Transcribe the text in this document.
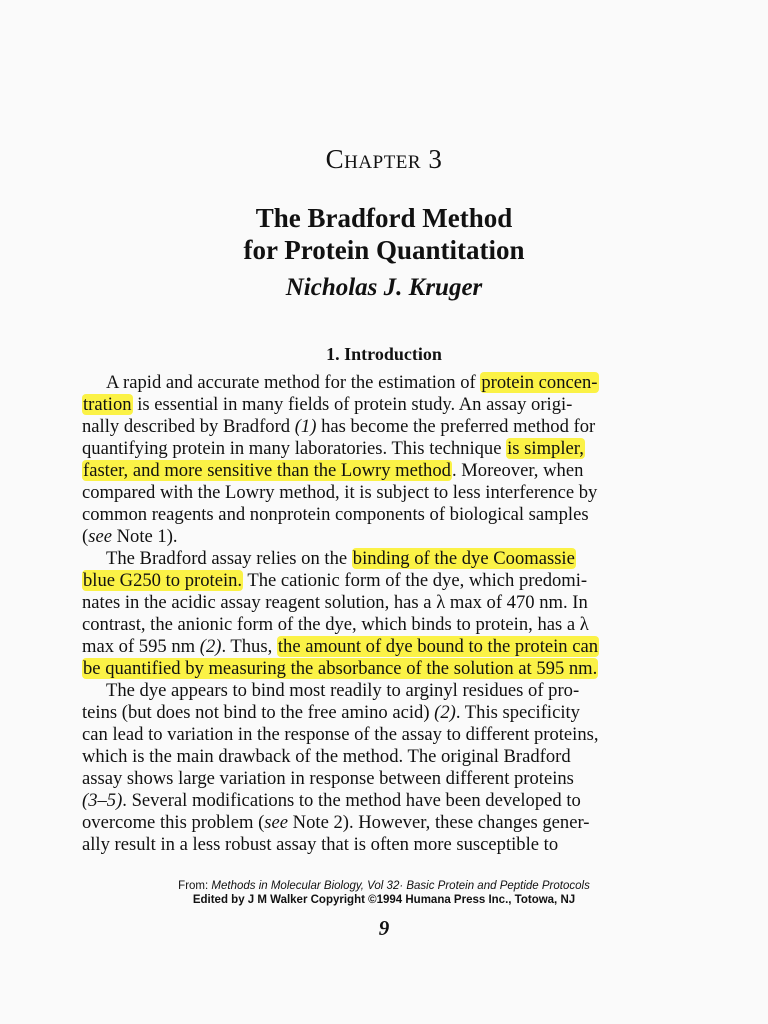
Chapter 3
The Bradford Method
for Protein Quantitation
Nicholas J. Kruger
1. Introduction
A rapid and accurate method for the estimation of protein concen-
tration is essential in many fields of protein study. An assay origi-
nally described by Bradford (1) has become the preferred method for
quantifying protein in many laboratories. This technique is simpler,
faster, and more sensitive than the Lowry method. Moreover, when
compared with the Lowry method, it is subject to less interference by
common reagents and nonprotein components of biological samples
(see Note 1).
The Bradford assay relies on the binding of the dye Coomassie
blue G250 to protein. The cationic form of the dye, which predomi-
nates in the acidic assay reagent solution, has a λ max of 470 nm. In
contrast, the anionic form of the dye, which binds to protein, has a λ
max of 595 nm (2). Thus, the amount of dye bound to the protein can
be quantified by measuring the absorbance of the solution at 595 nm.
The dye appears to bind most readily to arginyl residues of pro-
teins (but does not bind to the free amino acid) (2). This specificity
can lead to variation in the response of the assay to different proteins,
which is the main drawback of the method. The original Bradford
assay shows large variation in response between different proteins
(3–5). Several modifications to the method have been developed to
overcome this problem (see Note 2). However, these changes gener-
ally result in a less robust assay that is often more susceptible to
From: Methods in Molecular Biology, Vol 32· Basic Protein and Peptide Protocols
Edited by J M Walker Copyright ©1994 Humana Press Inc., Totowa, NJ
9
